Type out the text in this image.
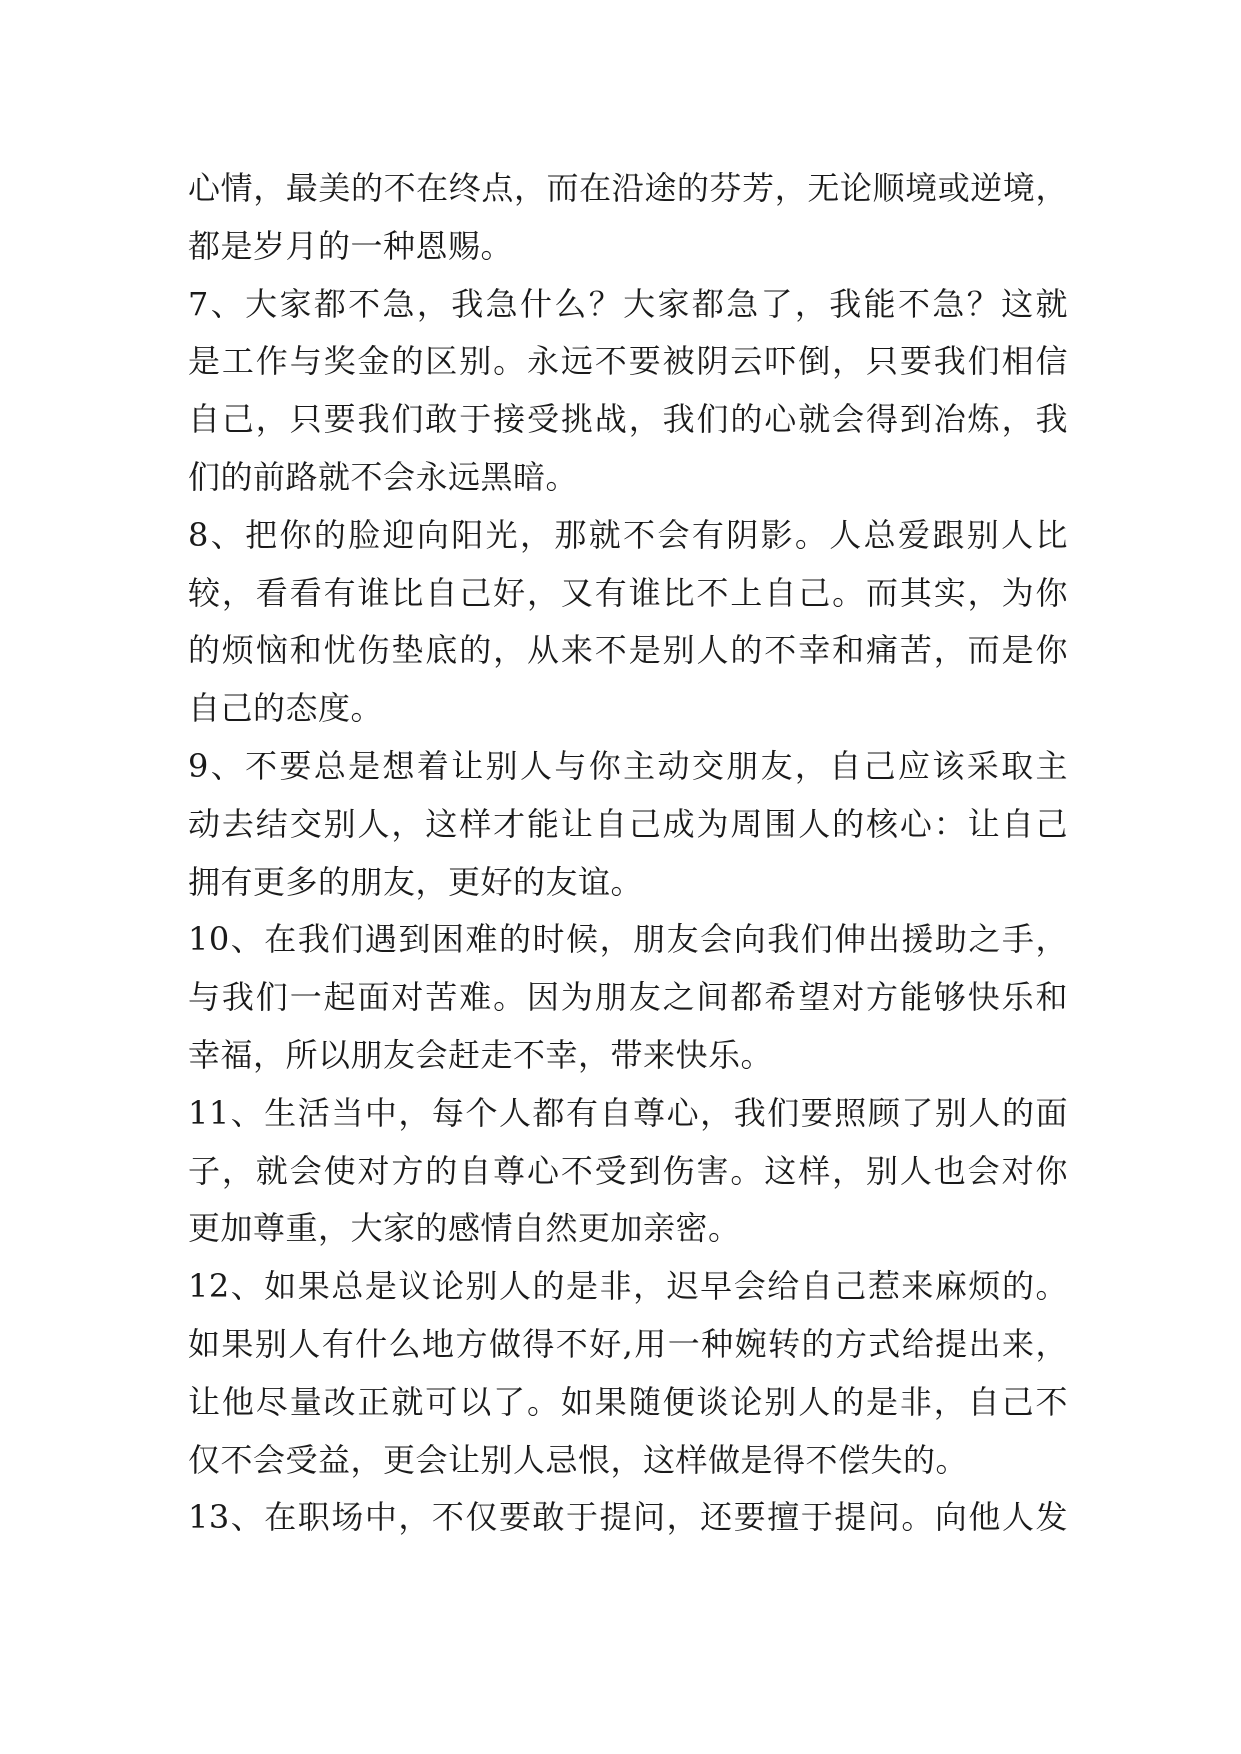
心情，最美的不在终点，而在沿途的芬芳，无论顺境或逆境，
都是岁月的一种恩赐。
7、大家都不急，我急什么？大家都急了，我能不急？这就
是工作与奖金的区别。永远不要被阴云吓倒，只要我们相信
自己，只要我们敢于接受挑战，我们的心就会得到冶炼，我
们的前路就不会永远黑暗。
8、把你的脸迎向阳光，那就不会有阴影。人总爱跟别人比
较，看看有谁比自己好，又有谁比不上自己。而其实，为你
的烦恼和忧伤垫底的，从来不是别人的不幸和痛苦，而是你
自己的态度。
9、不要总是想着让别人与你主动交朋友，自己应该采取主
动去结交别人，这样才能让自己成为周围人的核心：让自己
拥有更多的朋友，更好的友谊。
10、在我们遇到困难的时候，朋友会向我们伸出援助之手，
与我们一起面对苦难。因为朋友之间都希望对方能够快乐和
幸福，所以朋友会赶走不幸，带来快乐。
11、生活当中，每个人都有自尊心，我们要照顾了别人的面
子，就会使对方的自尊心不受到伤害。这样，别人也会对你
更加尊重，大家的感情自然更加亲密。
12、如果总是议论别人的是非，迟早会给自己惹来麻烦的。
如果别人有什么地方做得不好,用一种婉转的方式给提出来，
让他尽量改正就可以了。如果随便谈论别人的是非，自己不
仅不会受益，更会让别人忌恨，这样做是得不偿失的。
13、在职场中，不仅要敢于提问，还要擅于提问。向他人发
